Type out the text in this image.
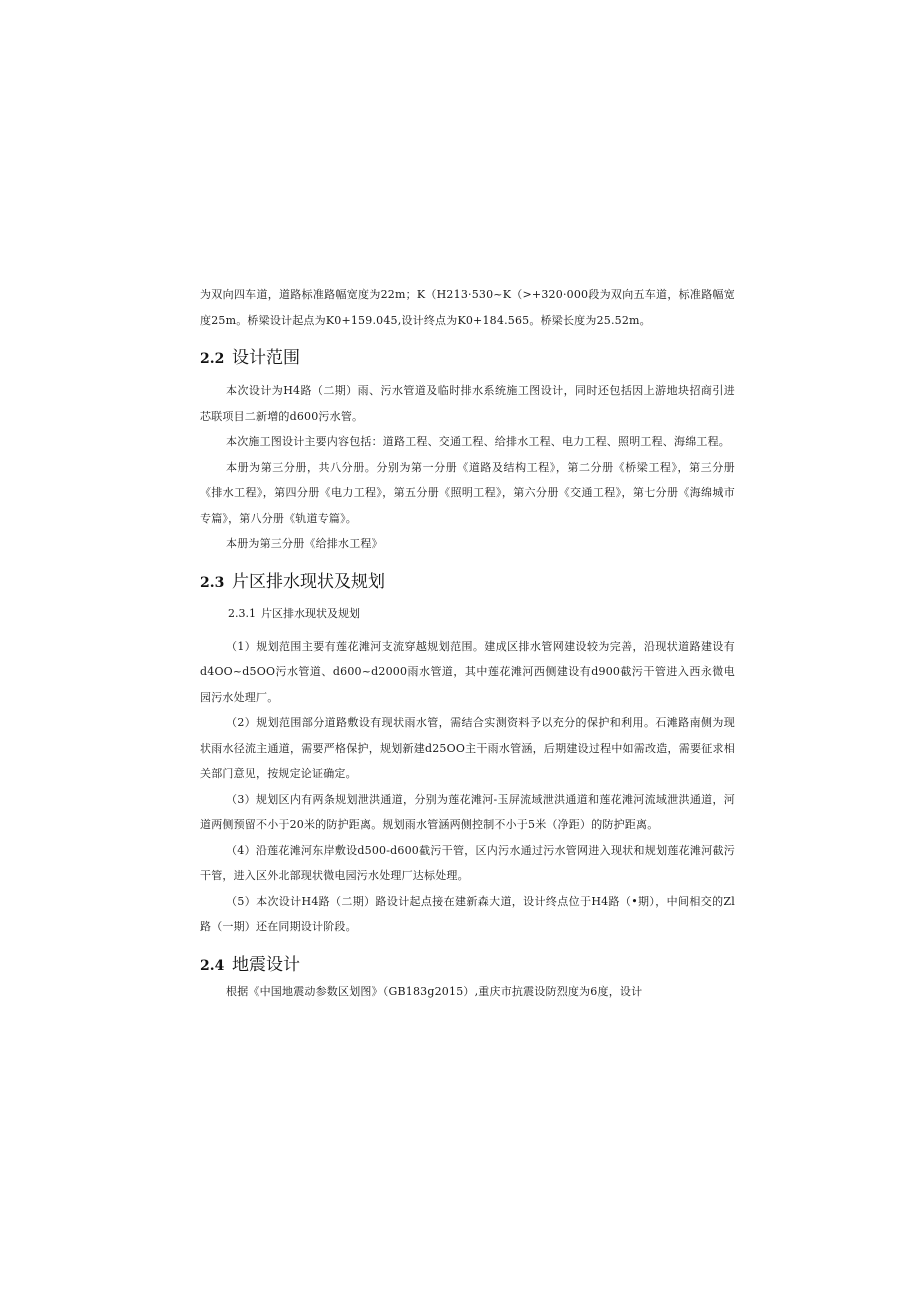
为双向四车道，道路标准路幅宽度为22m；K（H213·530~K（>+320·000段为双向五车道，标准路幅宽度25m。桥梁设计起点为K0+159.045,设计终点为K0+184.565。桥梁长度为25.52m。

2.2 设计范围

本次设计为H4路（二期）雨、污水管道及临时排水系统施工图设计，同时还包括因上游地块招商引进芯联项目二新增的d600污水管。

本次施工图设计主要内容包括：道路工程、交通工程、给排水工程、电力工程、照明工程、海绵工程。

本册为第三分册，共八分册。分别为第一分册《道路及结构工程》，第二分册《桥梁工程》，第三分册《排水工程》，第四分册《电力工程》，第五分册《照明工程》，第六分册《交通工程》，第七分册《海绵城市专篇》，第八分册《轨道专篇》。

本册为第三分册《给排水工程》

2.3 片区排水现状及规划
2.3.1 片区排水现状及规划

（1）规划范围主要有莲花滩河支流穿越规划范围。建成区排水管网建设较为完善，沿现状道路建设有d4OO~d5OO污水管道、d600~d2000雨水管道，其中莲花滩河西侧建设有d900截污干管进入西永微电园污水处理厂。

（2）规划范围部分道路敷设有现状雨水管，需结合实测资料予以充分的保护和利用。石滩路南侧为现状雨水径流主通道，需要严格保护，规划新建d25OO主干雨水管涵，后期建设过程中如需改造，需要征求相关部门意见，按规定论证确定。

（3）规划区内有两条规划泄洪通道，分别为莲花滩河-玉屏流域泄洪通道和莲花滩河流域泄洪通道，河道两侧预留不小于20米的防护距离。规划雨水管涵两侧控制不小于5米（净距）的防护距离。

（4）沿莲花滩河东岸敷设d500-d600截污干管，区内污水通过污水管网进入现状和规划莲花滩河截污干管，进入区外北部现状微电园污水处理厂达标处理。

（5）本次设计H4路（二期）路设计起点接在建新森大道，设计终点位于H4路（•期），中间相交的Zl路（一期）还在同期设计阶段。

2.4 地震设计

根据《中国地震动参数区划图》（GB183g2015）,重庆市抗震设防烈度为6度，设计
